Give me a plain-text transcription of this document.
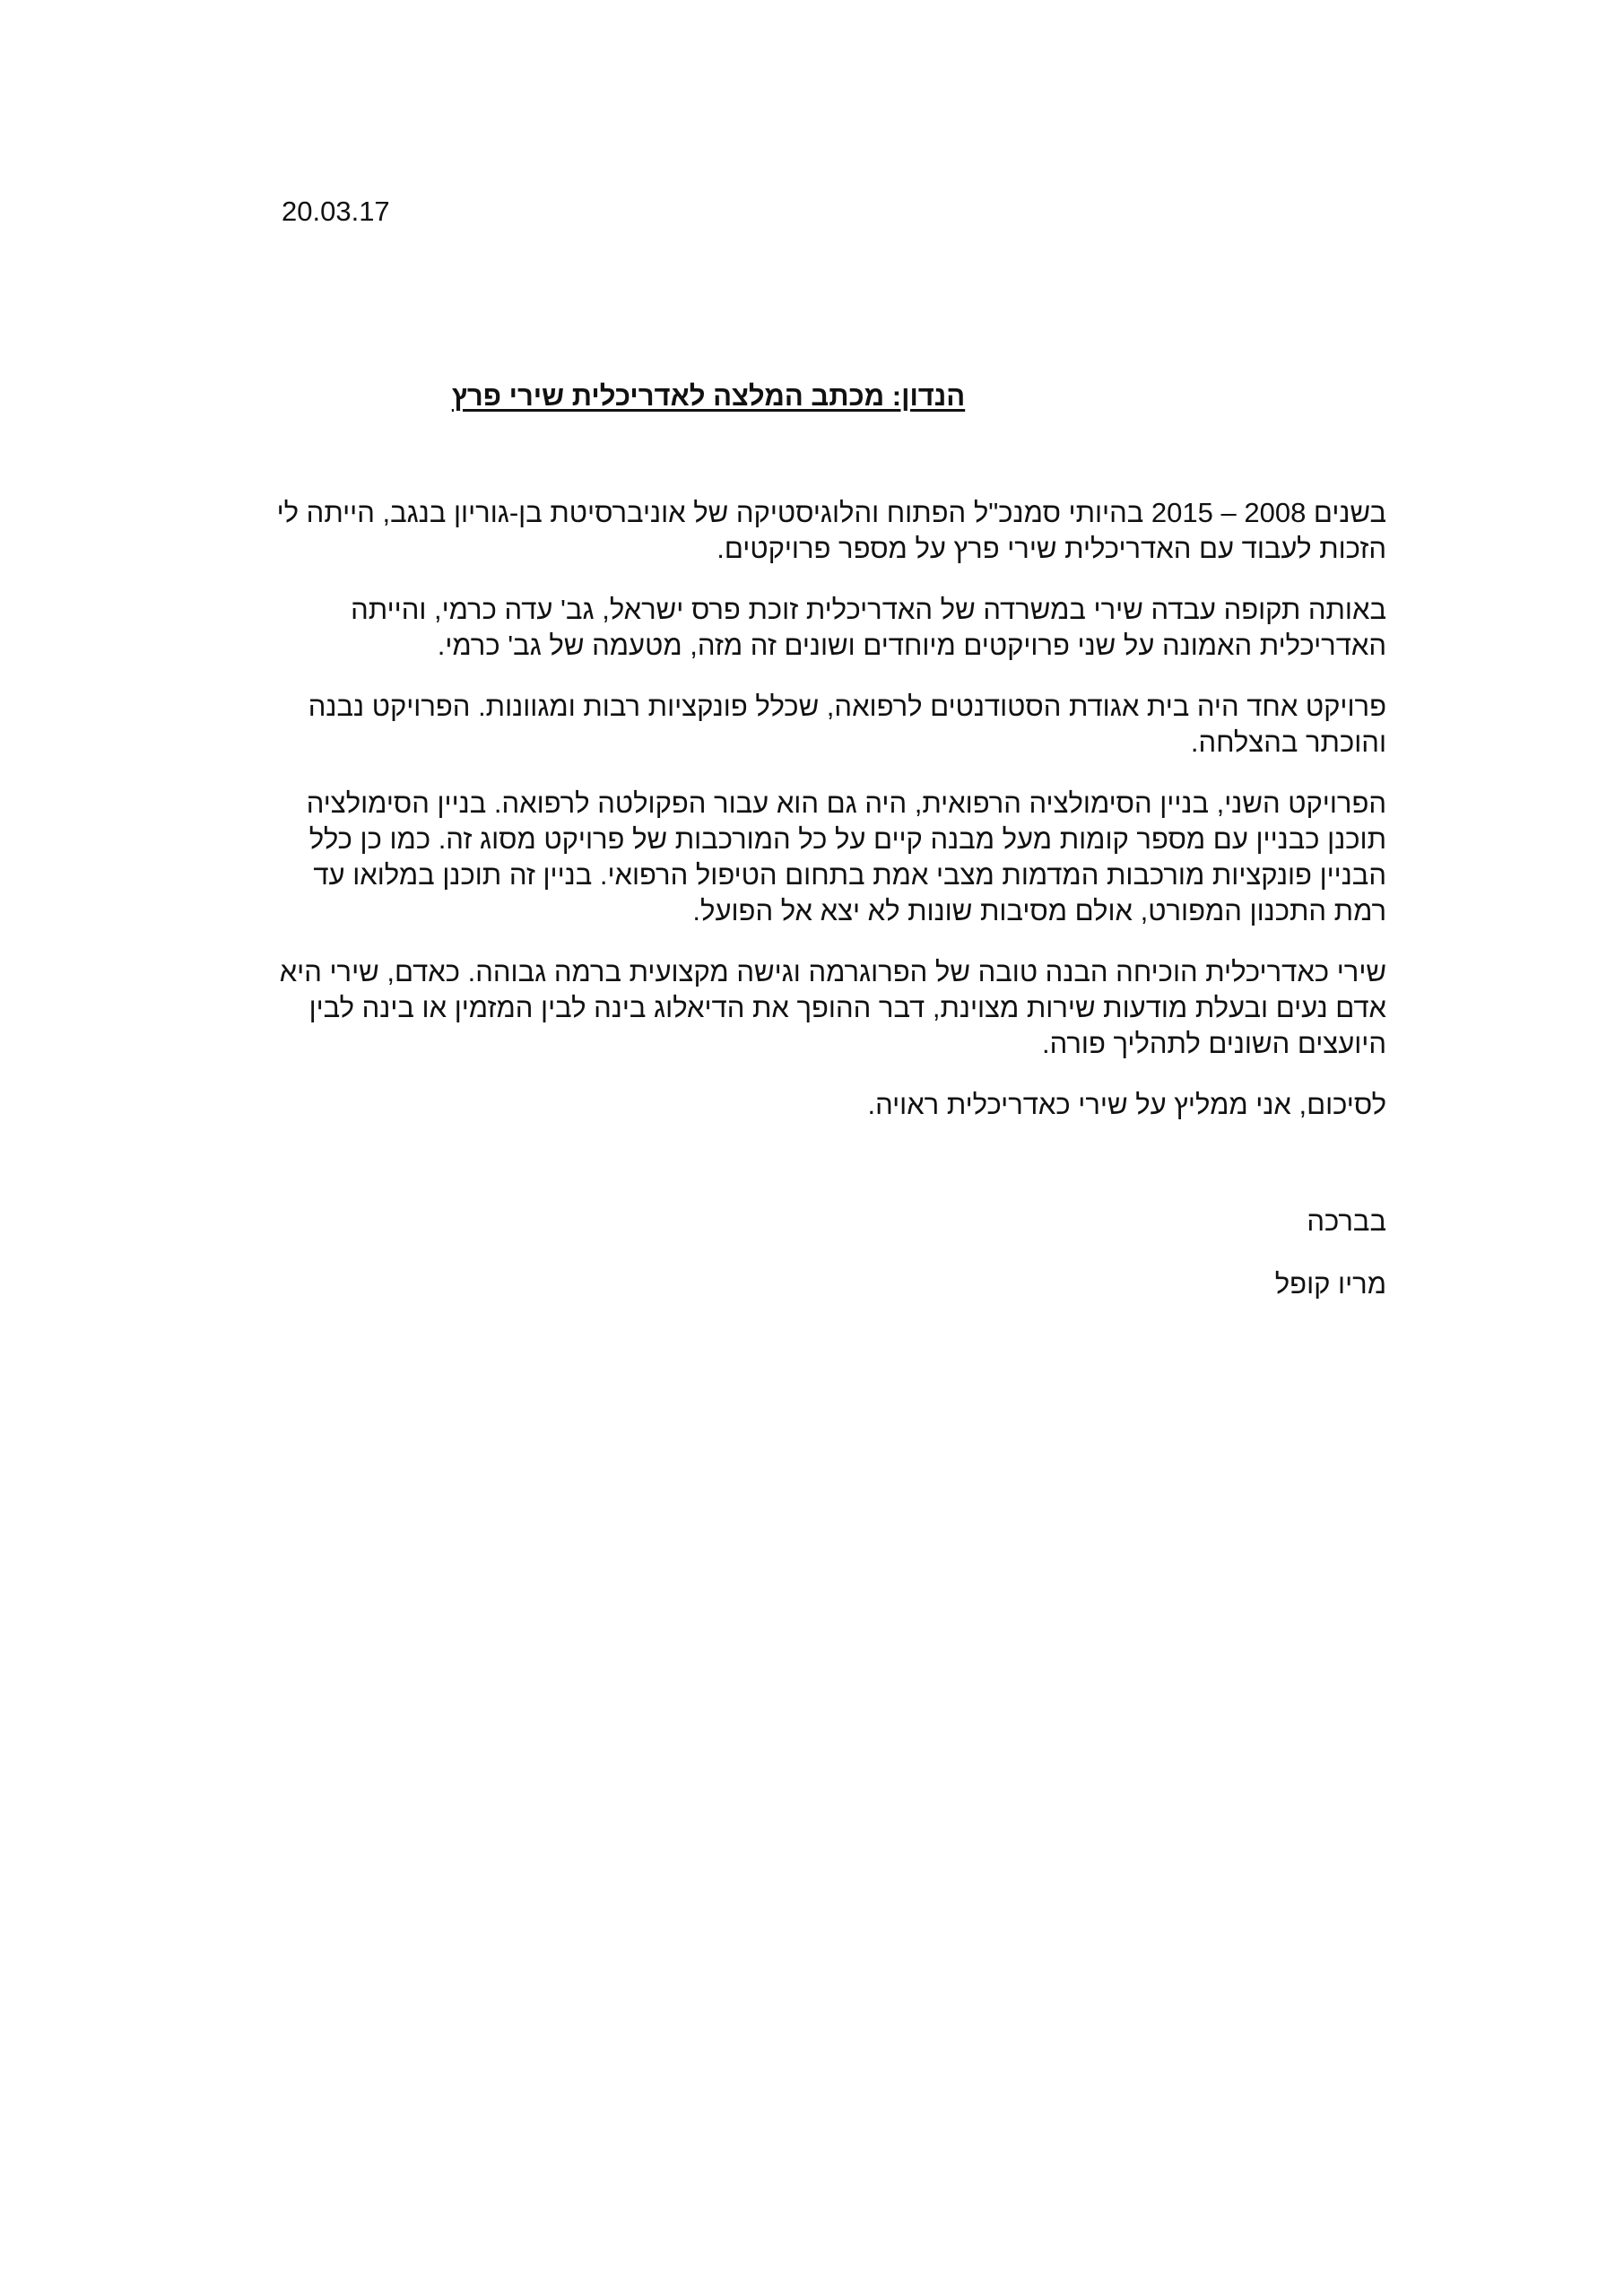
20.03.17
הנדון: מכתב המלצה לאדריכלית שירי פרץ
בשנים 2008 – 2015 בהיותי סמנכ"ל הפתוח והלוגיסטיקה של אוניברסיטת בן-גוריון בנגב, הייתה לי
הזכות לעבוד עם האדריכלית שירי פרץ על מספר פרויקטים.
באותה תקופה עבדה שירי במשרדה של האדריכלית זוכת פרס ישראל, גב' עדה כרמי, והייתה
האדריכלית האמונה על שני פרויקטים מיוחדים ושונים זה מזה, מטעמה של גב' כרמי.
פרויקט אחד היה בית אגודת הסטודנטים לרפואה, שכלל פונקציות רבות ומגוונות. הפרויקט נבנה
והוכתר בהצלחה.
הפרויקט השני, בניין הסימולציה הרפואית, היה גם הוא עבור הפקולטה לרפואה. בניין הסימולציה
תוכנן כבניין עם מספר קומות מעל מבנה קיים על כל המורכבות של פרויקט מסוג זה. כמו כן כלל
הבניין פונקציות מורכבות המדמות מצבי אמת בתחום הטיפול הרפואי. בניין זה תוכנן במלואו עד
רמת התכנון המפורט, אולם מסיבות שונות לא יצא אל הפועל.
שירי כאדריכלית הוכיחה הבנה טובה של הפרוגרמה וגישה מקצועית ברמה גבוהה. כאדם, שירי היא
אדם נעים ובעלת מודעות שירות מצוינת, דבר ההופך את הדיאלוג בינה לבין המזמין או בינה לבין
היועצים השונים לתהליך פורה.
לסיכום, אני ממליץ על שירי כאדריכלית ראויה.
בברכה
מריו קופל
